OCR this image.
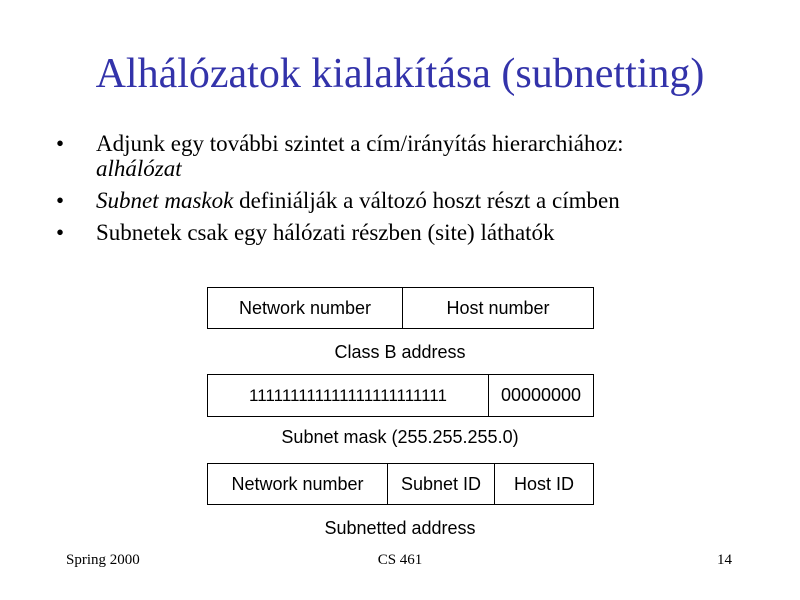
Alhálózatok kialakítása (subnetting)
• Adjunk egy további szintet a cím/irányítás hierarchiához:
alhálózat
• Subnet maskok definiálják a változó hoszt részt a címben
• Subnetek csak egy hálózati részben (site) láthatók
Network number	Host number
Class B address
111111111111111111111111	00000000
Subnet mask (255.255.255.0)
Network number	Subnet ID	Host ID
Subnetted address
Spring 2000	CS 461	14
